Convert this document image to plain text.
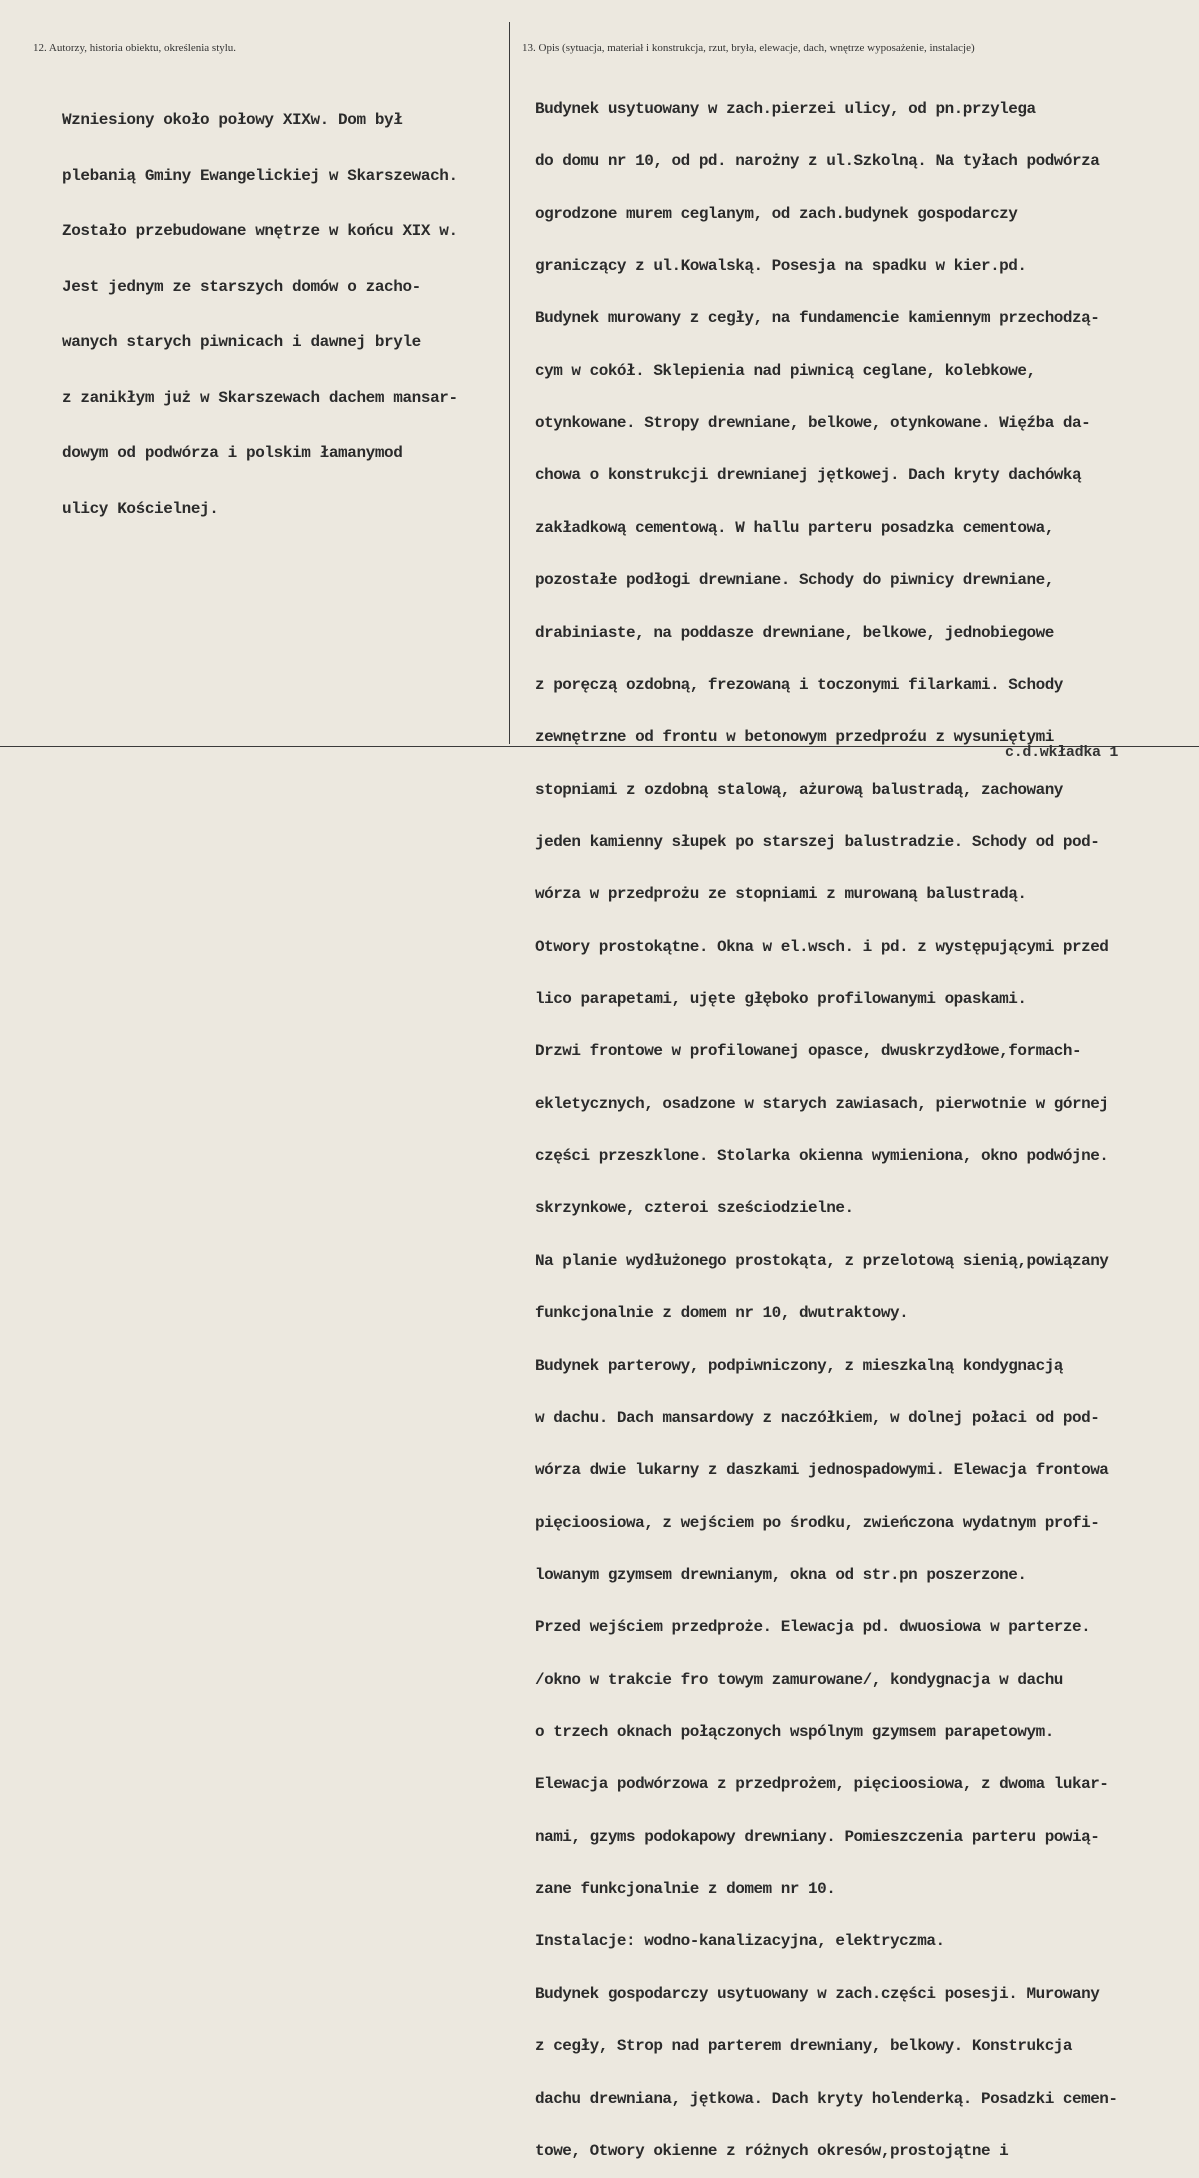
12. Autorzy, historia obiektu, określenia stylu.	13. Opis (sytuacja, materiał i konstrukcja, rzut, bryła, elewacje, dach, wnętrze wyposażenie, instalacje)

Wzniesiony około połowy XIXw. Dom był

plebanią Gminy Ewangelickiej w Skarszewach.

Zostało przebudowane wnętrze w końcu XIX w.

Jest jednym ze starszych domów o zacho-

wanych starych piwnicach i dawnej bryle

z zanikłym już w Skarszewach dachem mansar-

dowym od podwórza i polskim łamanymod

ulicy Kościelnej.

Budynek usytuowany w zach.pierzei ulicy, od pn.przylega

do domu nr 10, od pd. narożny z ul.Szkolną. Na tyłach podwórza

ogrodzone murem ceglanym, od zach.budynek gospodarczy

graniczący z ul.Kowalską. Posesja na spadku w kier.pd.

Budynek murowany z cegły, na fundamencie kamiennym przechodzą-

cym w cokół. Sklepienia nad piwnicą ceglane, kolebkowe,

otynkowane. Stropy drewniane, belkowe, otynkowane. Więźba da-

chowa o konstrukcji drewnianej jętkowej. Dach kryty dachówką

zakładkową cementową. W hallu parteru posadzka cementowa,

pozostałe podłogi drewniane. Schody do piwnicy drewniane,

drabiniaste, na poddasze drewniane, belkowe, jednobiegowe

z poręczą ozdobną, frezowaną i toczonymi filarkami. Schody

zewnętrzne od frontu w betonowym przedproźu z wysuniętymi

stopniami z ozdobną stalową, ażurową balustradą, zachowany

jeden kamienny słupek po starszej balustradzie. Schody od pod-

wórza w przedprożu ze stopniami z murowaną balustradą.

Otwory prostokątne. Okna w el.wsch. i pd. z występującymi przed

lico parapetami, ujęte głęboko profilowanymi opaskami.

Drzwi frontowe w profilowanej opasce, dwuskrzydłowe,formach-

ekletycznych, osadzone w starych zawiasach, pierwotnie w górnej

części przeszklone. Stolarka okienna wymieniona, okno podwójne.

skrzynkowe, czteroi sześciodzielne.

Na planie wydłużonego prostokąta, z przelotową sienią,powiązany

funkcjonalnie z domem nr 10, dwutraktowy.

Budynek parterowy, podpiwniczony, z mieszkalną kondygnacją

w dachu. Dach mansardowy z naczółkiem, w dolnej połaci od pod-

wórza dwie lukarny z daszkami jednospadowymi. Elewacja frontowa

pięcioosiowa, z wejściem po środku, zwieńczona wydatnym profi-

lowanym gzymsem drewnianym, okna od str.pn poszerzone.

Przed wejściem przedproże. Elewacja pd. dwuosiowa w parterze.

/okno w trakcie fro towym zamurowane/, kondygnacja w dachu

o trzech oknach połączonych wspólnym gzymsem parapetowym.

Elewacja podwórzowa z przedprożem, pięcioosiowa, z dwoma lukar-

nami, gzyms podokapowy drewniany. Pomieszczenia parteru powią-

zane funkcjonalnie z domem nr 10.

Instalacje: wodno-kanalizacyjna, elektryczma.

Budynek gospodarczy usytuowany w zach.części posesji. Murowany

z cegły, Strop nad parterem drewniany, belkowy. Konstrukcja

dachu drewniana, jętkowa. Dach kryty holenderką. Posadzki cemen-

towe, Otwory okienne z różnych okresów,prostojątne i

c.d.wkładka 1
